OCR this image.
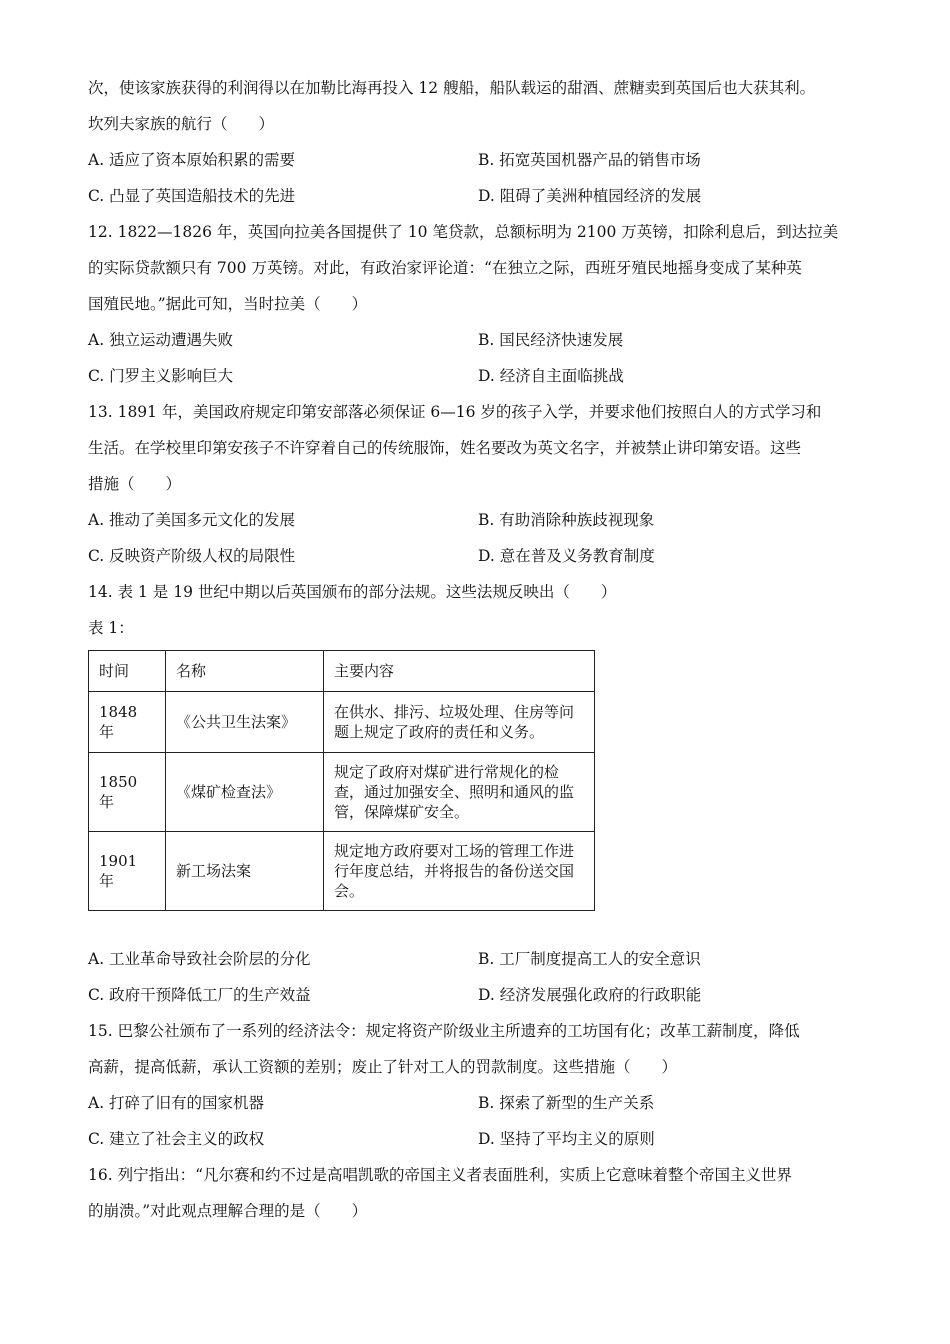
次，使该家族获得的利润得以在加勒比海再投入 12 艘船，船队载运的甜酒、蔗糖卖到英国后也大获其利。
坎列夫家族的航行（　　）
A. 适应了资本原始积累的需要	B. 拓宽英国机器产品的销售市场
C. 凸显了英国造船技术的先进	D. 阻碍了美洲种植园经济的发展
12. 1822—1826 年，英国向拉美各国提供了 10 笔贷款，总额标明为 2100 万英镑，扣除利息后，到达拉美
的实际贷款额只有 700 万英镑。对此，有政治家评论道：“在独立之际，西班牙殖民地摇身变成了某种英
国殖民地。”据此可知，当时拉美（　　）
A. 独立运动遭遇失败	B. 国民经济快速发展
C. 门罗主义影响巨大	D. 经济自主面临挑战
13. 1891 年，美国政府规定印第安部落必须保证 6—16 岁的孩子入学，并要求他们按照白人的方式学习和
生活。在学校里印第安孩子不许穿着自己的传统服饰，姓名要改为英文名字，并被禁止讲印第安语。这些
措施（　　）
A. 推动了美国多元文化的发展	B. 有助消除种族歧视现象
C. 反映资产阶级人权的局限性	D. 意在普及义务教育制度
14. 表 1 是 19 世纪中期以后英国颁布的部分法规。这些法规反映出（　　）
表 1：
时间	名称	主要内容
1848 年	《公共卫生法案》	在供水、排污、垃圾处理、住房等问题上规定了政府的责任和义务。
1850 年	《煤矿检查法》	规定了政府对煤矿进行常规化的检查，通过加强安全、照明和通风的监管，保障煤矿安全。
1901 年	新工场法案	规定地方政府要对工场的管理工作进行年度总结，并将报告的备份送交国会。
A. 工业革命导致社会阶层的分化	B. 工厂制度提高工人的安全意识
C. 政府干预降低工厂的生产效益	D. 经济发展强化政府的行政职能
15. 巴黎公社颁布了一系列的经济法令：规定将资产阶级业主所遗弃的工坊国有化；改革工薪制度，降低
高薪，提高低薪，承认工资额的差别；废止了针对工人的罚款制度。这些措施（　　）
A. 打碎了旧有的国家机器	B. 探索了新型的生产关系
C. 建立了社会主义的政权	D. 坚持了平均主义的原则
16. 列宁指出：“凡尔赛和约不过是高唱凯歌的帝国主义者表面胜利，实质上它意味着整个帝国主义世界
的崩溃。”对此观点理解合理的是（　　）
